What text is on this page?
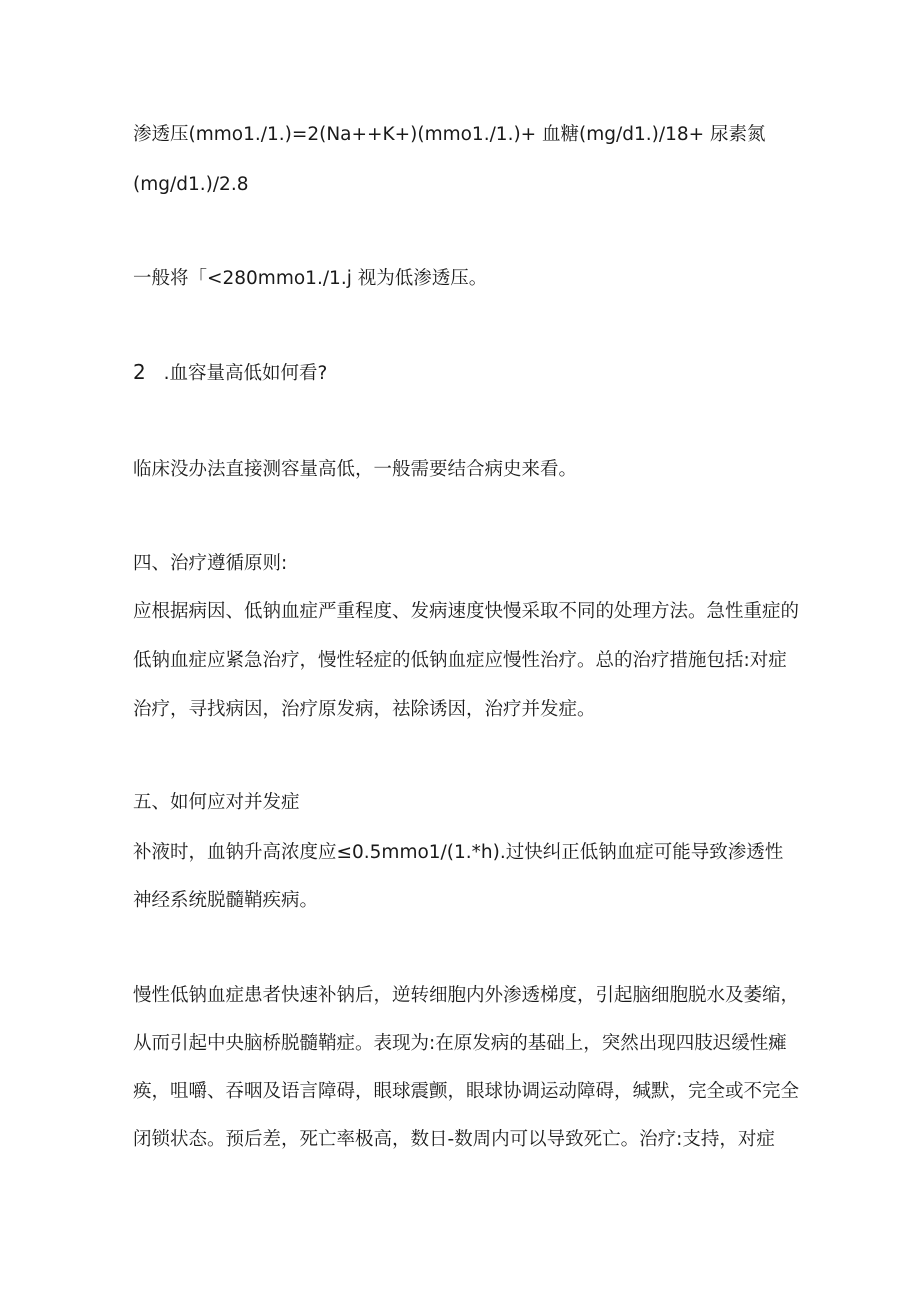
渗透压(mmo1./1.)=2(Na++K+)(mmo1./1.)+ 血糖(mg/d1.)/18+ 尿素氮
(mg/d1.)/2.8
一般将「<280mmo1./1.j 视为低渗透压。
2 .血容量高低如何看?
临床没办法直接测容量高低，一般需要结合病史来看。
四、治疗遵循原则:
应根据病因、低钠血症严重程度、发病速度快慢采取不同的处理方法。急性重症的
低钠血症应紧急治疗，慢性轻症的低钠血症应慢性治疗。总的治疗措施包括:对症
治疗，寻找病因，治疗原发病，祛除诱因，治疗并发症。
五、如何应对并发症
补液时，血钠升高浓度应≤0.5mmo1∕(1.*h).过快纠正低钠血症可能导致渗透性
神经系统脱髓鞘疾病。
慢性低钠血症患者快速补钠后，逆转细胞内外渗透梯度，引起脑细胞脱水及萎缩，
从而引起中央脑桥脱髓鞘症。表现为:在原发病的基础上，突然出现四肢迟缓性瘫
痪，咀嚼、吞咽及语言障碍，眼球震颤，眼球协调运动障碍，缄默，完全或不完全
闭锁状态。预后差，死亡率极高，数日-数周内可以导致死亡。治疗:支持，对症
